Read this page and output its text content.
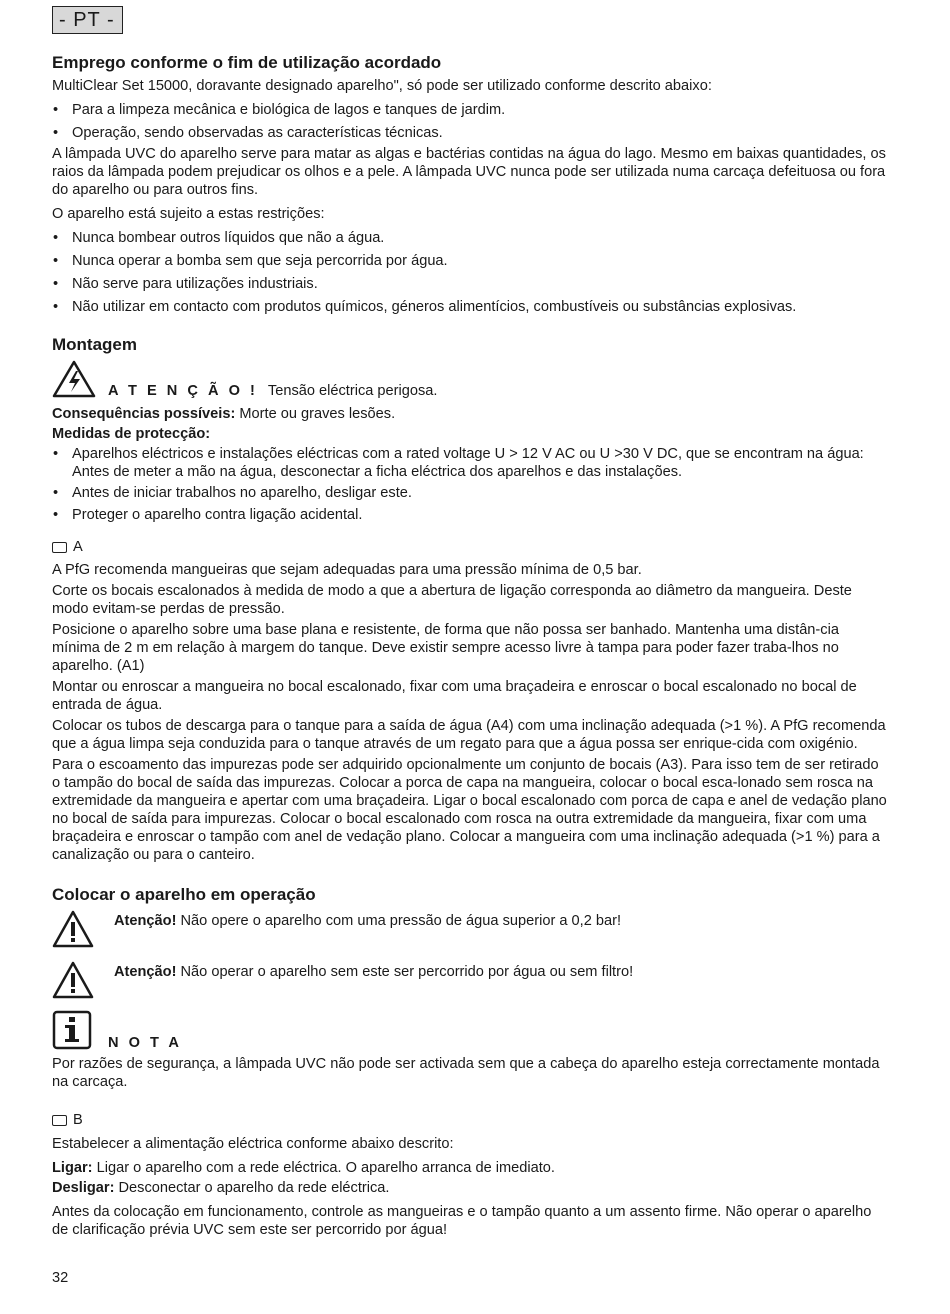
- PT -
Emprego conforme o fim de utilização acordado

MultiClear Set 15000, doravante designado aparelho", só pode ser utilizado conforme descrito abaixo:

• Para a limpeza mecânica e biológica de lagos e tanques de jardim.
• Operação, sendo observadas as características técnicas.

A lâmpada UVC do aparelho serve para matar as algas e bactérias contidas na água do lago. Mesmo em baixas quantidades, os raios da lâmpada podem prejudicar os olhos e a pele. A lâmpada UVC nunca pode ser utilizada numa carcaça defeituosa ou fora do aparelho ou para outros fins.

O aparelho está sujeito a estas restrições:

• Nunca bombear outros líquidos que não a água.
• Nunca operar a bomba sem que seja percorrida por água.
• Não serve para utilizações industriais.
• Não utilizar em contacto com produtos químicos, géneros alimentícios, combustíveis ou substâncias explosivas.
Montagem
A T E N Ç Ã O ! Tensão eléctrica perigosa.

Consequências possíveis: Morte ou graves lesões.

Medidas de protecção:

• Aparelhos eléctricos e instalações eléctricas com a rated voltage U > 12 V AC ou U >30 V DC, que se encontram na água: Antes de meter a mão na água, desconectar a ficha eléctrica dos aparelhos e das instalações.
• Antes de iniciar trabalhos no aparelho, desligar este.
• Proteger o aparelho contra ligação acidental.
A

A PfG recomenda mangueiras que sejam adequadas para uma pressão mínima de 0,5 bar.

Corte os bocais escalonados à medida de modo a que a abertura de ligação corresponda ao diâmetro da mangueira. Deste modo evitam-se perdas de pressão.

Posicione o aparelho sobre uma base plana e resistente, de forma que não possa ser banhado. Mantenha uma distân-cia mínima de 2 m em relação à margem do tanque. Deve existir sempre acesso livre à tampa para poder fazer traba-lhos no aparelho. (A1)

Montar ou enroscar a mangueira no bocal escalonado, fixar com uma braçadeira e enroscar o bocal escalonado no bocal de entrada de água.

Colocar os tubos de descarga para o tanque para a saída de água (A4) com uma inclinação adequada (>1 %). A PfG recomenda que a água limpa seja conduzida para o tanque através de um regato para que a água possa ser enrique-cida com oxigénio.

Para o escoamento das impurezas pode ser adquirido opcionalmente um conjunto de bocais (A3). Para isso tem de ser retirado o tampão do bocal de saída das impurezas. Colocar a porca de capa na mangueira, colocar o bocal esca-lonado sem rosca na extremidade da mangueira e apertar com uma braçadeira. Ligar o bocal escalonado com porca de capa e anel de vedação plano no bocal de saída para impurezas. Colocar o bocal escalonado com rosca na outra extremidade da mangueira, fixar com uma braçadeira e enroscar o tampão com anel de vedação plano. Colocar a mangueira com uma inclinação adequada (>1 %) para a canalização ou para o canteiro.

Colocar o aparelho em operação
Atenção! Não opere o aparelho com uma pressão de água superior a 0,2 bar!
Atenção! Não operar o aparelho sem este ser percorrido por água ou sem filtro!
N O T A

Por razões de segurança, a lâmpada UVC não pode ser activada sem que a cabeça do aparelho esteja correctamente montada na carcaça.

B

Estabelecer a alimentação eléctrica conforme abaixo descrito:

Ligar: Ligar o aparelho com a rede eléctrica. O aparelho arranca de imediato.

Desligar: Desconectar o aparelho da rede eléctrica.

Antes da colocação em funcionamento, controle as mangueiras e o tampão quanto a um assento firme. Não operar o aparelho de clarificação prévia UVC sem este ser percorrido por água!

32
